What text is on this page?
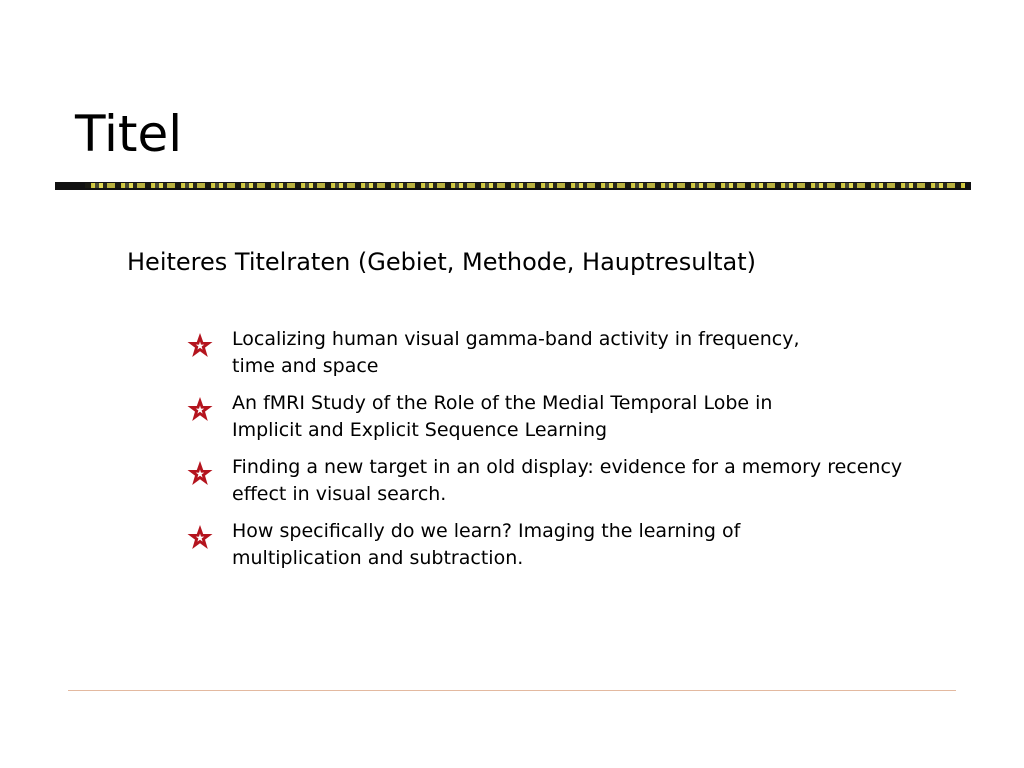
Titel

Heiteres Titelraten (Gebiet, Methode, Hauptresultat)

Localizing human visual gamma-band activity in frequency, time and space
An fMRI Study of the Role of the Medial Temporal Lobe in Implicit and Explicit Sequence Learning
Finding a new target in an old display: evidence for a memory recency effect in visual search.
How specifically do we learn? Imaging the learning of multiplication and subtraction.
